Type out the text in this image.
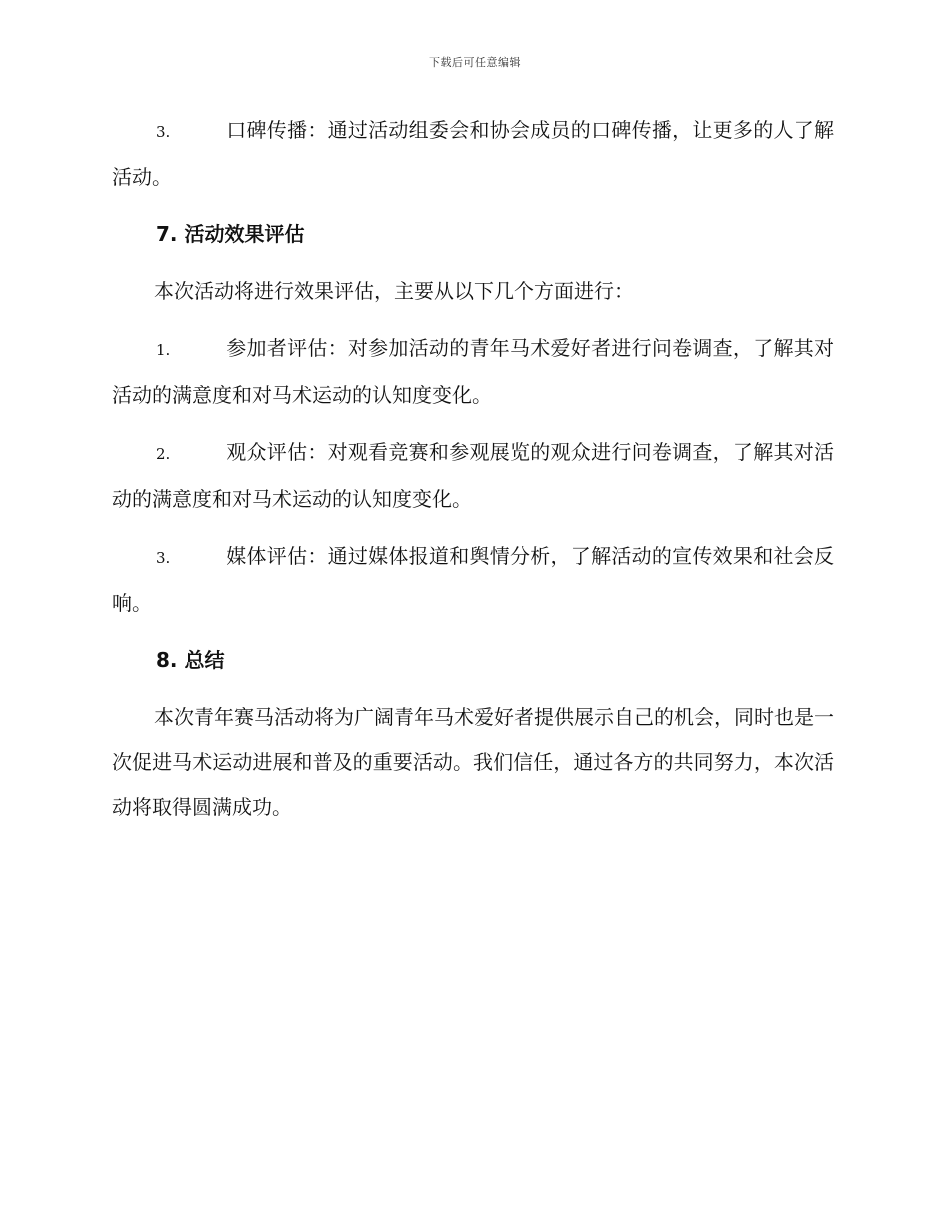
下载后可任意编辑

3.	口碑传播：通过活动组委会和协会成员的口碑传播，让更多的人了解活动。

7. 活动效果评估

本次活动将进行效果评估，主要从以下几个方面进行：

1.	参加者评估：对参加活动的青年马术爱好者进行问卷调查，了解其对活动的满意度和对马术运动的认知度变化。

2.	观众评估：对观看竞赛和参观展览的观众进行问卷调查，了解其对活动的满意度和对马术运动的认知度变化。

3.	媒体评估：通过媒体报道和舆情分析，了解活动的宣传效果和社会反响。

8. 总结

本次青年赛马活动将为广阔青年马术爱好者提供展示自己的机会，同时也是一次促进马术运动进展和普及的重要活动。我们信任，通过各方的共同努力，本次活动将取得圆满成功。
